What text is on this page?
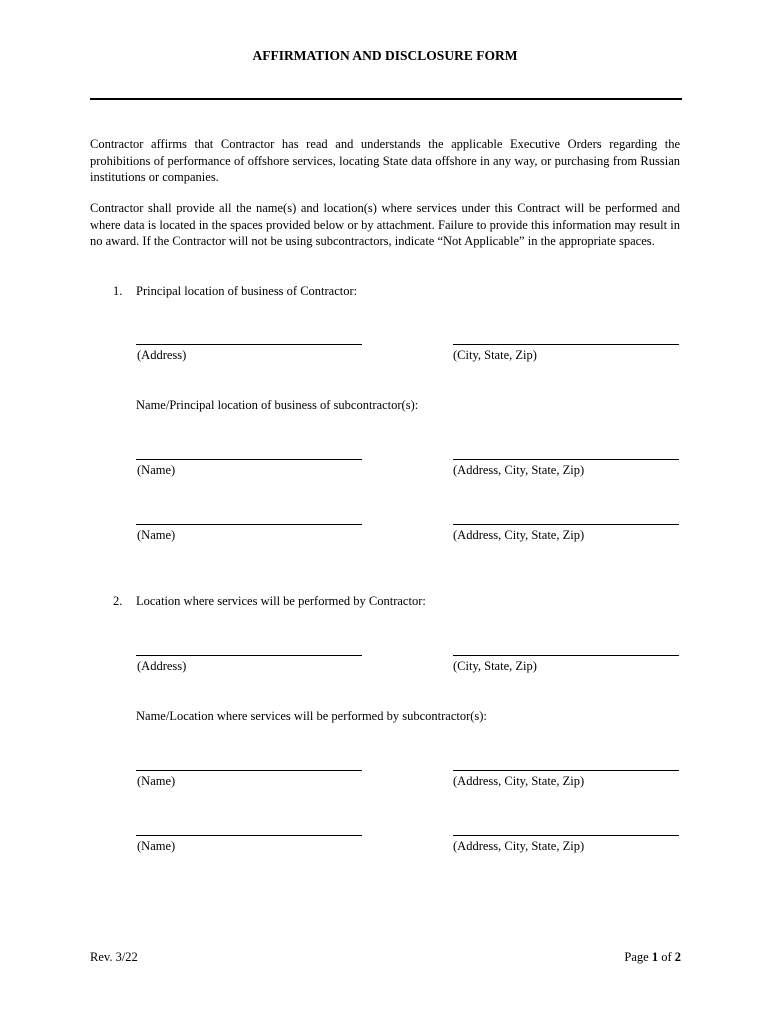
AFFIRMATION AND DISCLOSURE FORM
Contractor affirms that Contractor has read and understands the applicable Executive Orders regarding the prohibitions of performance of offshore services, locating State data offshore in any way, or purchasing from Russian institutions or companies.
Contractor shall provide all the name(s) and location(s) where services under this Contract will be performed and where data is located in the spaces provided below or by attachment. Failure to provide this information may result in no award. If the Contractor will not be using subcontractors, indicate “Not Applicable” in the appropriate spaces.
1. Principal location of business of Contractor:
(Address)	(City, State, Zip)
Name/Principal location of business of subcontractor(s):
(Name)	(Address, City, State, Zip)
(Name)	(Address, City, State, Zip)
2. Location where services will be performed by Contractor:
(Address)	(City, State, Zip)
Name/Location where services will be performed by subcontractor(s):
(Name)	(Address, City, State, Zip)
(Name)	(Address, City, State, Zip)
Rev. 3/22	Page 1 of 2
